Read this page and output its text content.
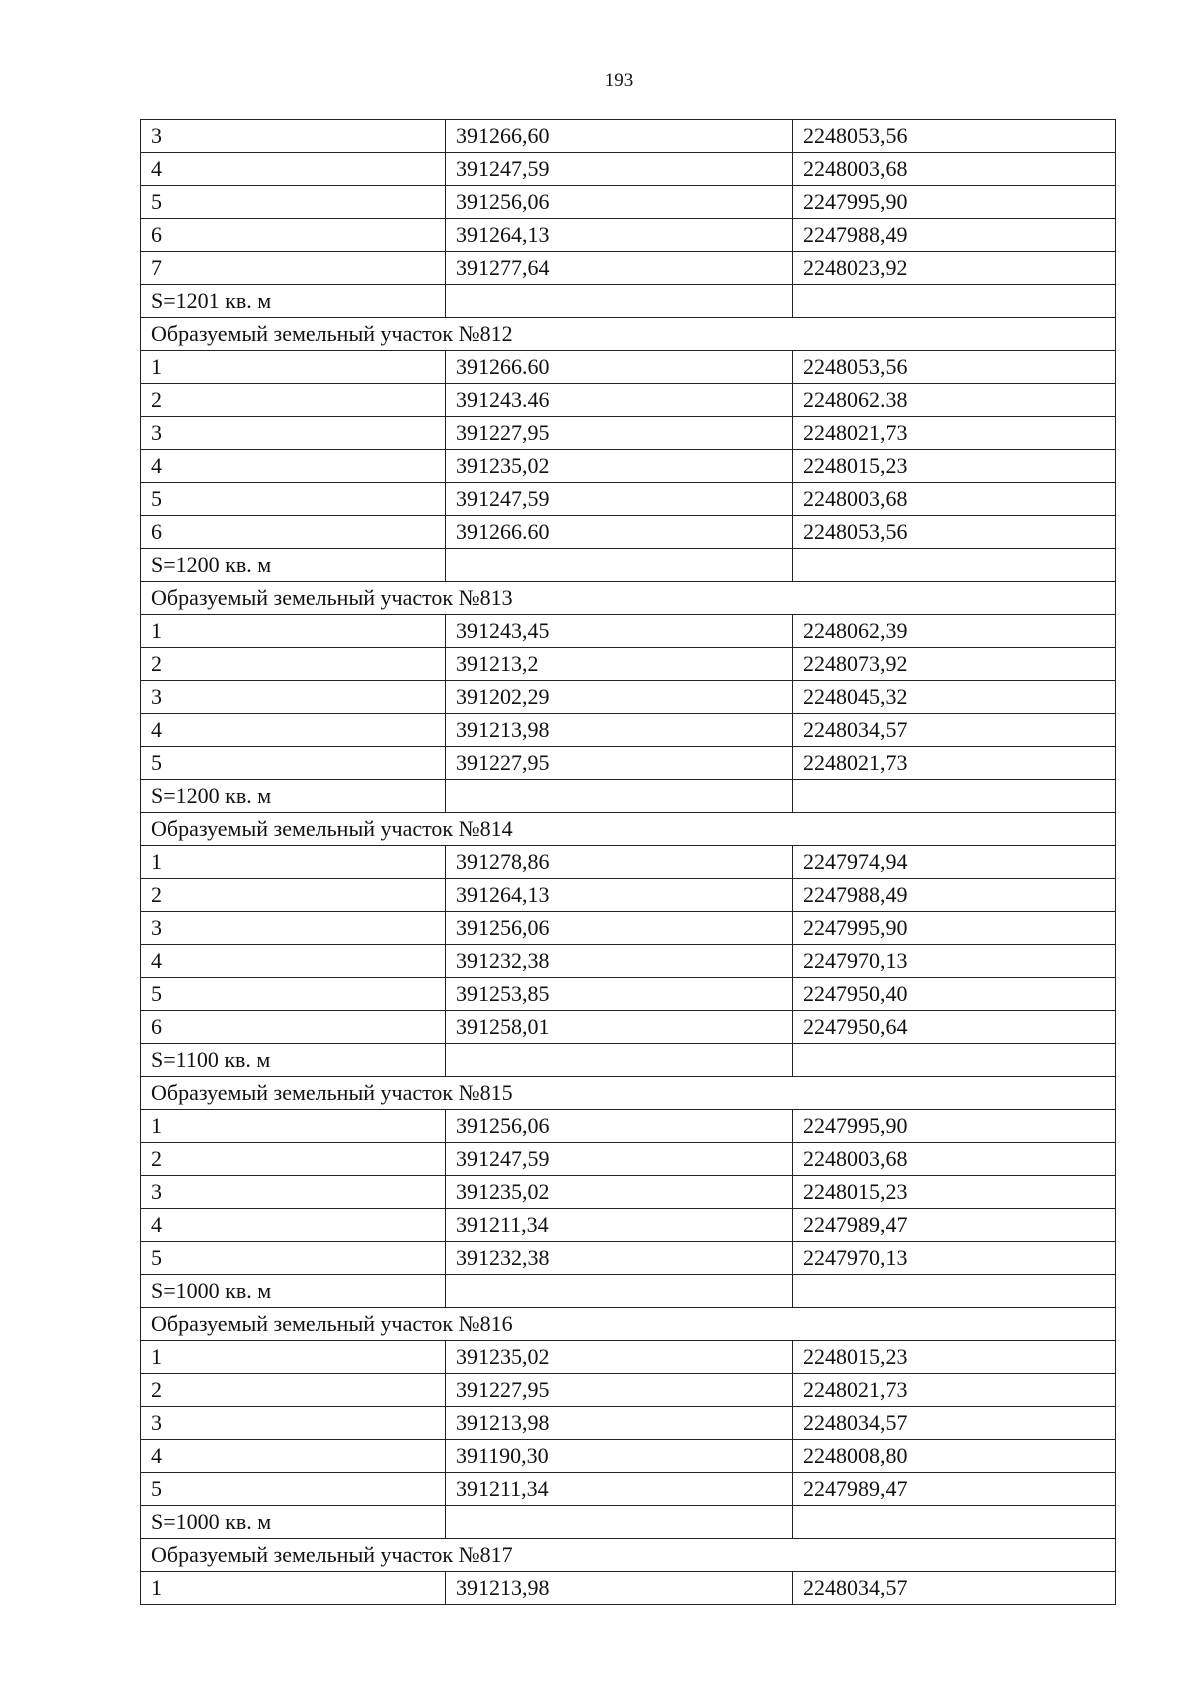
193
3	391266,60	2248053,56
4	391247,59	2248003,68
5	391256,06	2247995,90
6	391264,13	2247988,49
7	391277,64	2248023,92
S=1201 кв. м		
Образуемый земельный участок №812		
1	391266.60	2248053,56
2	391243.46	2248062.38
3	391227,95	2248021,73
4	391235,02	2248015,23
5	391247,59	2248003,68
6	391266.60	2248053,56
S=1200 кв. м		
Образуемый земельный участок №813		
1	391243,45	2248062,39
2	391213,2	2248073,92
3	391202,29	2248045,32
4	391213,98	2248034,57
5	391227,95	2248021,73
S=1200 кв. м		
Образуемый земельный участок №814		
1	391278,86	2247974,94
2	391264,13	2247988,49
3	391256,06	2247995,90
4	391232,38	2247970,13
5	391253,85	2247950,40
6	391258,01	2247950,64
S=1100 кв. м		
Образуемый земельный участок №815		
1	391256,06	2247995,90
2	391247,59	2248003,68
3	391235,02	2248015,23
4	391211,34	2247989,47
5	391232,38	2247970,13
S=1000 кв. м		
Образуемый земельный участок №816		
1	391235,02	2248015,23
2	391227,95	2248021,73
3	391213,98	2248034,57
4	391190,30	2248008,80
5	391211,34	2247989,47
S=1000 кв. м		
Образуемый земельный участок №817		
1	391213,98	2248034,57
